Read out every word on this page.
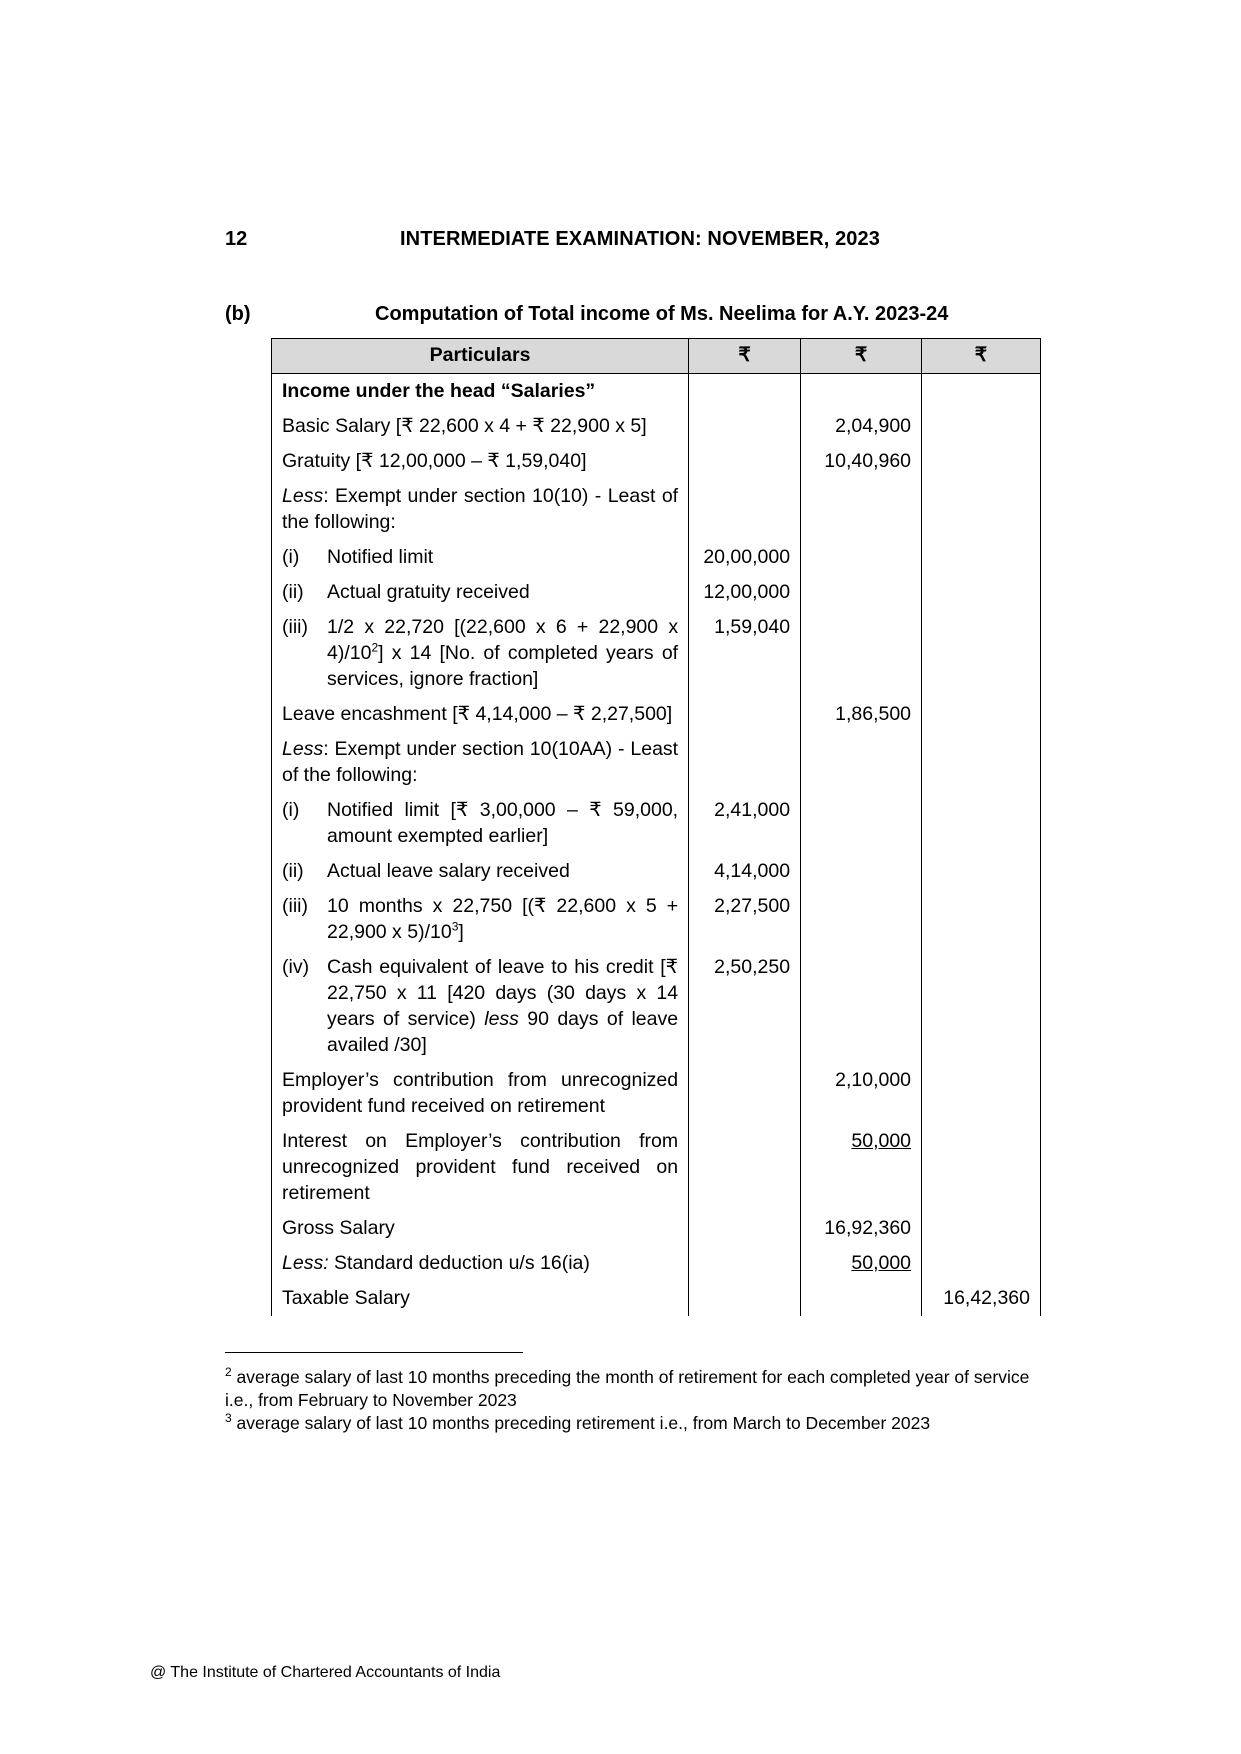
12	INTERMEDIATE EXAMINATION: NOVEMBER, 2023
(b)	Computation of Total income of Ms. Neelima for A.Y. 2023-24
Particulars	₹	₹	₹
Income under the head “Salaries”			
Basic Salary [₹ 22,600 x 4 + ₹ 22,900 x 5]		2,04,900	
Gratuity [₹ 12,00,000 – ₹ 1,59,040]		10,40,960	
Less: Exempt under section 10(10) - Least of the following:			

(i) Notified limit	20,00,000		

(ii) Actual gratuity received	12,00,000		

(iii) 1/2 x 22,720 [(22,600 x 6 + 22,900 x $4)/10^2$] x 14 [No. of completed years of services, ignore fraction]	1,59,040		
Leave encashment [₹ 4,14,000 – ₹ 2,27,500]		1,86,500	
Less: Exempt under section 10(10AA) - Least of the following:			

(i) Notified limit [₹ 3,00,000 – ₹ 59,000, amount exempted earlier]	2,41,000		

(ii) Actual leave salary received	4,14,000		

(iii) 10 months x 22,750 [(₹ 22,600 x 5 + 22,900 x $5)/10^3$]	2,27,500		

(iv) Cash equivalent of leave to his credit [₹ 22,750 x 11 [420 days (30 days x 14 years of service) less 90 days of leave availed /30]	2,50,250		
Employer’s contribution from unrecognized provident fund received on retirement		2,10,000	
Interest on Employer’s contribution from unrecognized provident fund received on retirement		50,000	
Gross Salary		16,92,360	
Less: Standard deduction u/s 16(ia)		50,000	
Taxable Salary			16,42,360

$^2$ average salary of last 10 months preceding the month of retirement for each completed year of service i.e., from February to November 2023

$^3$ average salary of last 10 months preceding retirement i.e., from March to December 2023

@ The Institute of Chartered Accountants of India
